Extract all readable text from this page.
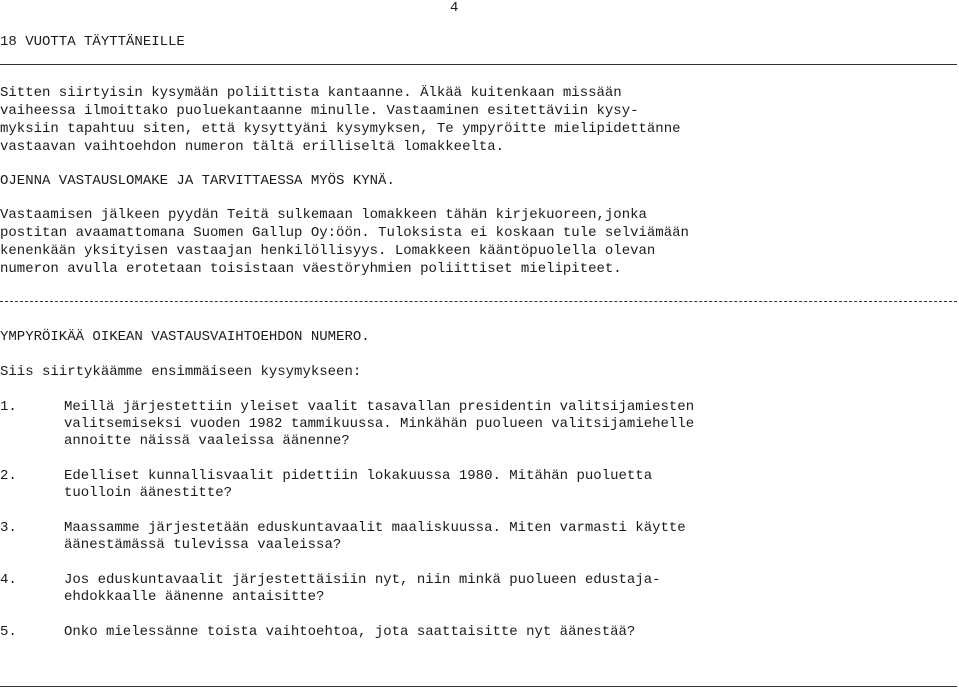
4
18 VUOTTA TÄYTTÄNEILLE
Sitten siirtyisin kysymään poliittista kantaanne. Älkää kuitenkaan missään
vaiheessa ilmoittako puoluekantaanne minulle. Vastaaminen esitettäviin kysy-
myksiin tapahtuu siten, että kysyttyäni kysymyksen, Te ympyröitte mielipidettänne
vastaavan vaihtoehdon numeron tältä erilliseltä lomakkeelta.
OJENNA VASTAUSLOMAKE JA TARVITTAESSA MYÖS KYNÄ.
Vastaamisen jälkeen pyydän Teitä sulkemaan lomakkeen tähän kirjekuoreen,jonka
postitan avaamattomana Suomen Gallup Oy:öön. Tuloksista ei koskaan tule selviämään
kenenkään yksityisen vastaajan henkilöllisyys. Lomakkeen kääntöpuolella olevan
numeron avulla erotetaan toisistaan väestöryhmien poliittiset mielipiteet.
YMPYRÖIKÄÄ OIKEAN VASTAUSVAIHTOEHDON NUMERO.
Siis siirtykäämme ensimmäiseen kysymykseen:
1.	Meillä järjestettiin yleiset vaalit tasavallan presidentin valitsijamiesten
valitsemiseksi vuoden 1982 tammikuussa. Minkähän puolueen valitsijamiehelle
annoitte näissä vaaleissa äänenne?
2.	Edelliset kunnallisvaalit pidettiin lokakuussa 1980. Mitähän puoluetta
tuolloin äänestitte?
3.	Maassamme järjestetään eduskuntavaalit maaliskuussa. Miten varmasti käytte
äänestämässä tulevissa vaaleissa?
4.	Jos eduskuntavaalit järjestettäisiin nyt, niin minkä puolueen edustaja-
ehdokkaalle äänenne antaisitte?
5.	Onko mielessänne toista vaihtoehtoa, jota saattaisitte nyt äänestää?
